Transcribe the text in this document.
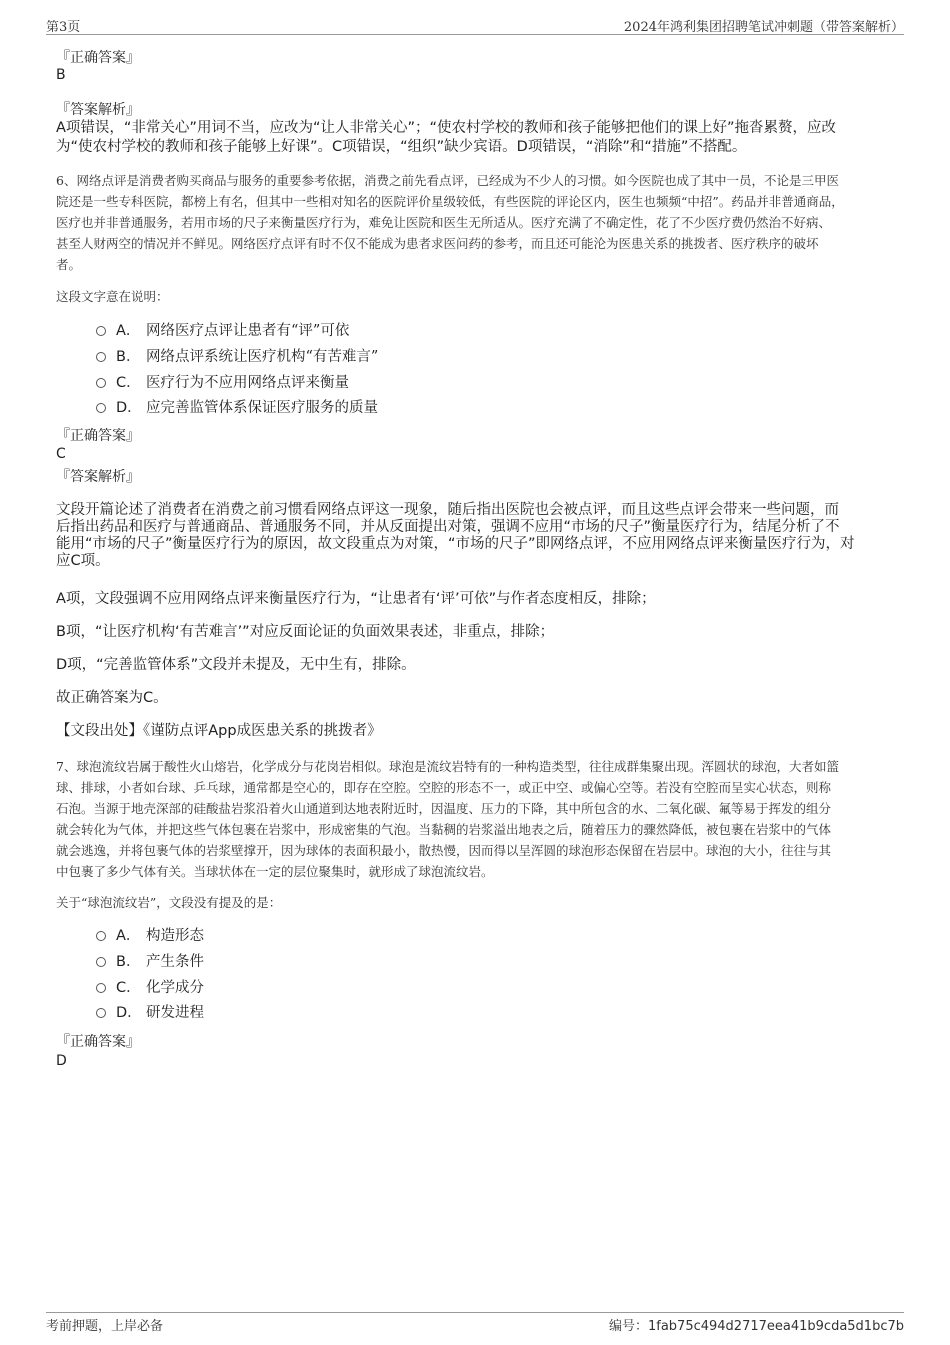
第3页	2024年鸿利集团招聘笔试冲刺题（带答案解析）
『正确答案』
B
『答案解析』
A项错误，“非常关心”用词不当，应改为“让人非常关心”；“使农村学校的教师和孩子能够把他们的课上好”拖沓累赘，应改
为“使农村学校的教师和孩子能够上好课”。C项错误，“组织”缺少宾语。D项错误，“消除”和“措施”不搭配。
6、网络点评是消费者购买商品与服务的重要参考依据，消费之前先看点评，已经成为不少人的习惯。如今医院也成了其中一员，不论是三甲医
院还是一些专科医院，都榜上有名，但其中一些相对知名的医院评价星级较低，有些医院的评论区内，医生也频频“中招”。药品并非普通商品，
医疗也并非普通服务，若用市场的尺子来衡量医疗行为，难免让医院和医生无所适从。医疗充满了不确定性，花了不少医疗费仍然治不好病、
甚至人财两空的情况并不鲜见。网络医疗点评有时不仅不能成为患者求医问药的参考，而且还可能沦为医患关系的挑拨者、医疗秩序的破坏
者。
这段文字意在说明：
A． 网络医疗点评让患者有“评”可依
B． 网络点评系统让医疗机构“有苦难言”
C． 医疗行为不应用网络点评来衡量
D． 应完善监管体系保证医疗服务的质量
『正确答案』
C
『答案解析』
文段开篇论述了消费者在消费之前习惯看网络点评这一现象，随后指出医院也会被点评，而且这些点评会带来一些问题，而
后指出药品和医疗与普通商品、普通服务不同，并从反面提出对策，强调不应用“市场的尺子”衡量医疗行为，结尾分析了不
能用“市场的尺子”衡量医疗行为的原因，故文段重点为对策，“市场的尺子”即网络点评，不应用网络点评来衡量医疗行为，对
应C项。
A项，文段强调不应用网络点评来衡量医疗行为，“让患者有‘评’可依”与作者态度相反，排除；
B项，“让医疗机构‘有苦难言’”对应反面论证的负面效果表述，非重点，排除；
D项，“完善监管体系”文段并未提及，无中生有，排除。
故正确答案为C。
【文段出处】《谨防点评App成医患关系的挑拨者》
7、球泡流纹岩属于酸性火山熔岩，化学成分与花岗岩相似。球泡是流纹岩特有的一种构造类型，往往成群集聚出现。浑圆状的球泡，大者如篮
球、排球，小者如台球、乒乓球，通常都是空心的，即存在空腔。空腔的形态不一，或正中空、或偏心空等。若没有空腔而呈实心状态，则称
石泡。当源于地壳深部的硅酸盐岩浆沿着火山通道到达地表附近时，因温度、压力的下降，其中所包含的水、二氧化碳、氟等易于挥发的组分
就会转化为气体，并把这些气体包裹在岩浆中，形成密集的气泡。当黏稠的岩浆溢出地表之后，随着压力的骤然降低，被包裹在岩浆中的气体
就会逃逸，并将包裹气体的岩浆壁撑开，因为球体的表面积最小，散热慢，因而得以呈浑圆的球泡形态保留在岩层中。球泡的大小，往往与其
中包裹了多少气体有关。当球状体在一定的层位聚集时，就形成了球泡流纹岩。
关于“球泡流纹岩”，文段没有提及的是：
A． 构造形态
B． 产生条件
C． 化学成分
D． 研发进程
『正确答案』
D
考前押题，上岸必备	编号：1fab75c494d2717eea41b9cda5d1bc7b
